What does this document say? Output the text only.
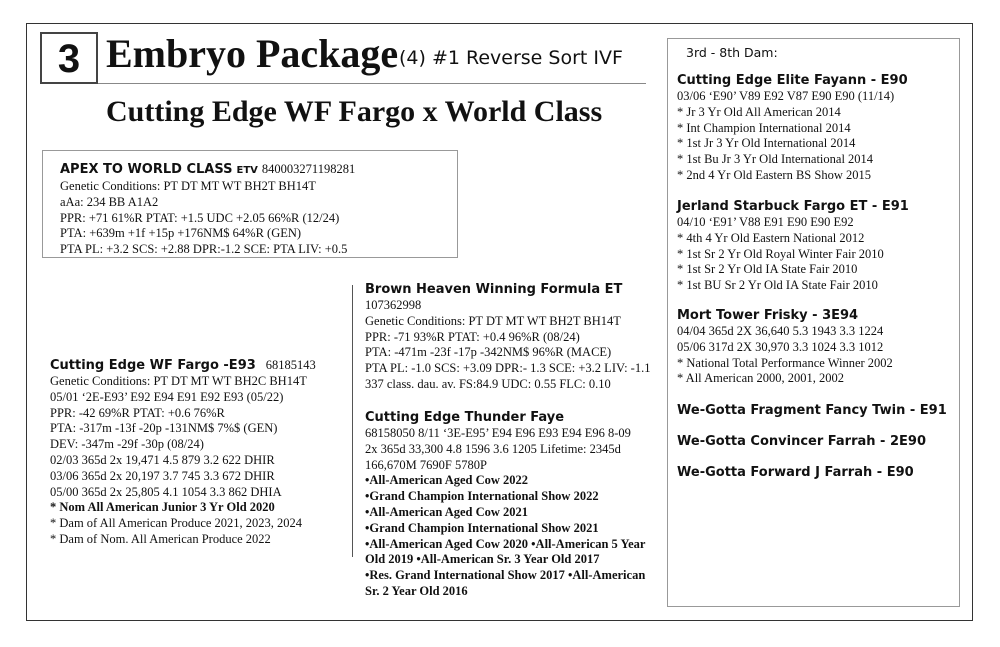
3 Embryo Package (4) #1 Reverse Sort IVF
Cutting Edge WF Fargo x World Class
APEX TO WORLD CLASS ETV 840003271198281
Genetic Conditions: PT DT MT WT BH2T BH14T
aAa: 234 BB A1A2
PPR: +71 61%R PTAT: +1.5 UDC +2.05 66%R (12/24)
PTA: +639m +1f +15p +176NM$ 64%R (GEN)
PTA PL: +3.2 SCS: +2.88 DPR:-1.2 SCE: PTA LIV: +0.5
Cutting Edge WF Fargo -E93 68185143
Genetic Conditions: PT DT MT WT BH2C BH14T
05/01 ‘2E-E93’ E92 E94 E91 E92 E93 (05/22)
PPR: -42 69%R PTAT: +0.6 76%R
PTA: -317m -13f -20p -131NM$ 7%$ (GEN)
DEV: -347m -29f -30p (08/24)
02/03 365d 2x 19,471 4.5 879 3.2 622 DHIR
03/06 365d 2x 20,197 3.7 745 3.3 672 DHIR
05/00 365d 2x 25,805 4.1 1054 3.3 862 DHIA
* Nom All American Junior 3 Yr Old 2020
* Dam of All American Produce 2021, 2023, 2024
* Dam of Nom. All American Produce 2022
Brown Heaven Winning Formula ET
107362998
Genetic Conditions: PT DT MT WT BH2T BH14T
PPR: -71 93%R PTAT: +0.4 96%R (08/24)
PTA: -471m -23f -17p -342NM$ 96%R (MACE)
PTA PL: -1.0 SCS: +3.09 DPR:- 1.3 SCE: +3.2 LIV: -1.1
337 class. dau. av. FS:84.9 UDC: 0.55 FLC: 0.10
Cutting Edge Thunder Faye
68158050 8/11 ‘3E-E95’ E94 E96 E93 E94 E96 8-09
2x 365d 33,300 4.8 1596 3.6 1205 Lifetime: 2345d
166,670M 7690F 5780P
•All-American Aged Cow 2022
•Grand Champion International Show 2022
•All-American Aged Cow 2021
•Grand Champion International Show 2021
•All-American Aged Cow 2020 •All-American 5 Year
Old 2019 •All-American Sr. 3 Year Old 2017
•Res. Grand International Show 2017 •All-American
Sr. 2 Year Old 2016
3rd - 8th Dam:
Cutting Edge Elite Fayann - E90
03/06 ‘E90’ V89 E92 V87 E90 E90 (11/14)
* Jr 3 Yr Old All American 2014
* Int Champion International 2014
* 1st Jr 3 Yr Old International 2014
* 1st Bu Jr 3 Yr Old International 2014
* 2nd 4 Yr Old Eastern BS Show 2015
Jerland Starbuck Fargo ET - E91
04/10 ‘E91’ V88 E91 E90 E90 E92
* 4th 4 Yr Old Eastern National 2012
* 1st Sr 2 Yr Old Royal Winter Fair 2010
* 1st Sr 2 Yr Old IA State Fair 2010
* 1st BU Sr 2 Yr Old IA State Fair 2010
Mort Tower Frisky - 3E94
04/04 365d 2X 36,640 5.3 1943 3.3 1224
05/06 317d 2X 30,970 3.3 1024 3.3 1012
* National Total Performance Winner 2002
* All American 2000, 2001, 2002
We-Gotta Fragment Fancy Twin - E91
We-Gotta Convincer Farrah - 2E90
We-Gotta Forward J Farrah - E90
